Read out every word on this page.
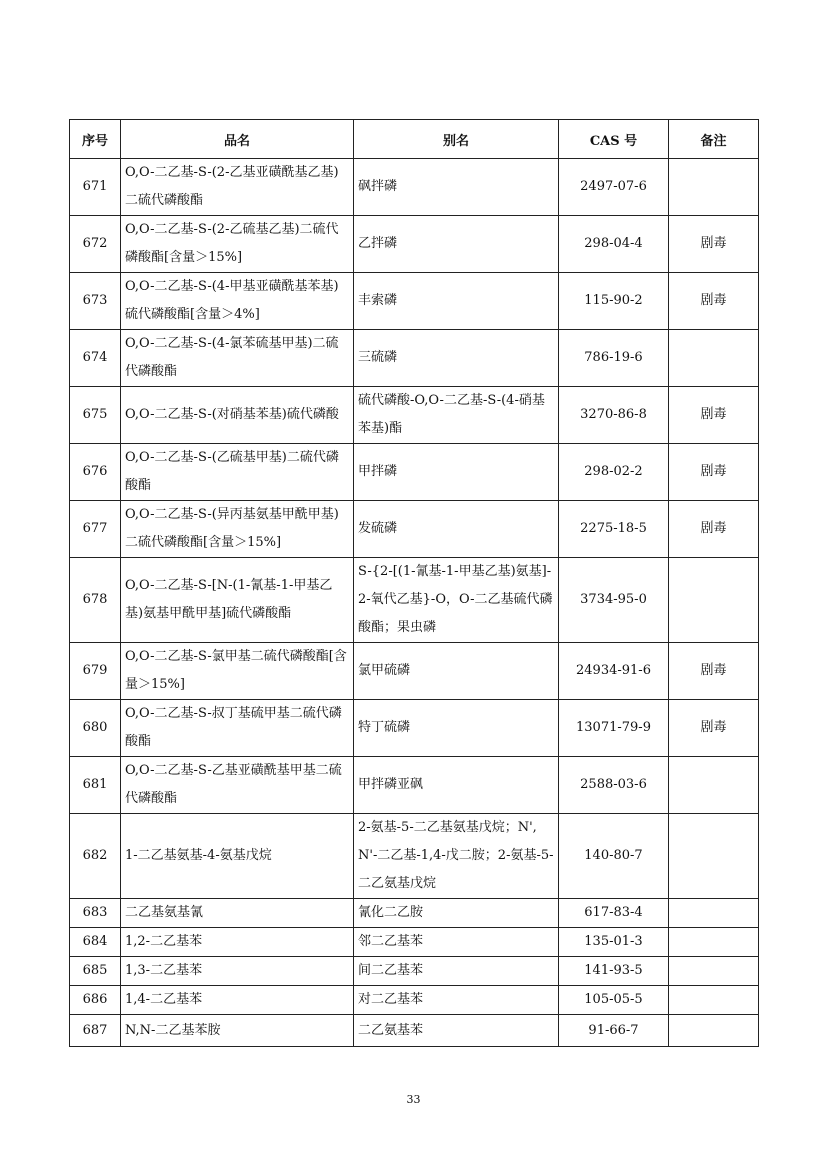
序号	品名	别名	CAS 号	备注
671	O,O-二乙基-S-(2-乙基亚磺酰基乙基)二硫代磷酸酯	砜拌磷	2497-07-6	
672	O,O-二乙基-S-(2-乙硫基乙基)二硫代磷酸酯[含量＞15%]	乙拌磷	298-04-4	剧毒
673	O,O-二乙基-S-(4-甲基亚磺酰基苯基)硫代磷酸酯[含量＞4%]	丰索磷	115-90-2	剧毒
674	O,O-二乙基-S-(4-氯苯硫基甲基)二硫代磷酸酯	三硫磷	786-19-6	
675	O,O-二乙基-S-(对硝基苯基)硫代磷酸	硫代磷酸-O,O-二乙基-S-(4-硝基苯基)酯	3270-86-8	剧毒
676	O,O-二乙基-S-(乙硫基甲基)二硫代磷酸酯	甲拌磷	298-02-2	剧毒
677	O,O-二乙基-S-(异丙基氨基甲酰甲基)二硫代磷酸酯[含量＞15%]	发硫磷	2275-18-5	剧毒
678	O,O-二乙基-S-[N-(1-氰基-1-甲基乙基)氨基甲酰甲基]硫代磷酸酯	S-{2-[(1-氰基-1-甲基乙基)氨基]-2-氧代乙基}-O，O-二乙基硫代磷酸酯；果虫磷	3734-95-0	
679	O,O-二乙基-S-氯甲基二硫代磷酸酯[含量＞15%]	氯甲硫磷	24934-91-6	剧毒
680	O,O-二乙基-S-叔丁基硫甲基二硫代磷酸酯	特丁硫磷	13071-79-9	剧毒
681	O,O-二乙基-S-乙基亚磺酰基甲基二硫代磷酸酯	甲拌磷亚砜	2588-03-6	
682	1-二乙基氨基-4-氨基戊烷	2-氨基-5-二乙基氨基戊烷；N',N'-二乙基-1,4-戊二胺；2-氨基-5-二乙氨基戊烷	140-80-7	
683	二乙基氨基氰	氰化二乙胺	617-83-4	
684	1,2-二乙基苯	邻二乙基苯	135-01-3	
685	1,3-二乙基苯	间二乙基苯	141-93-5	
686	1,4-二乙基苯	对二乙基苯	105-05-5	
687	N,N-二乙基苯胺	二乙氨基苯	91-66-7	
33
